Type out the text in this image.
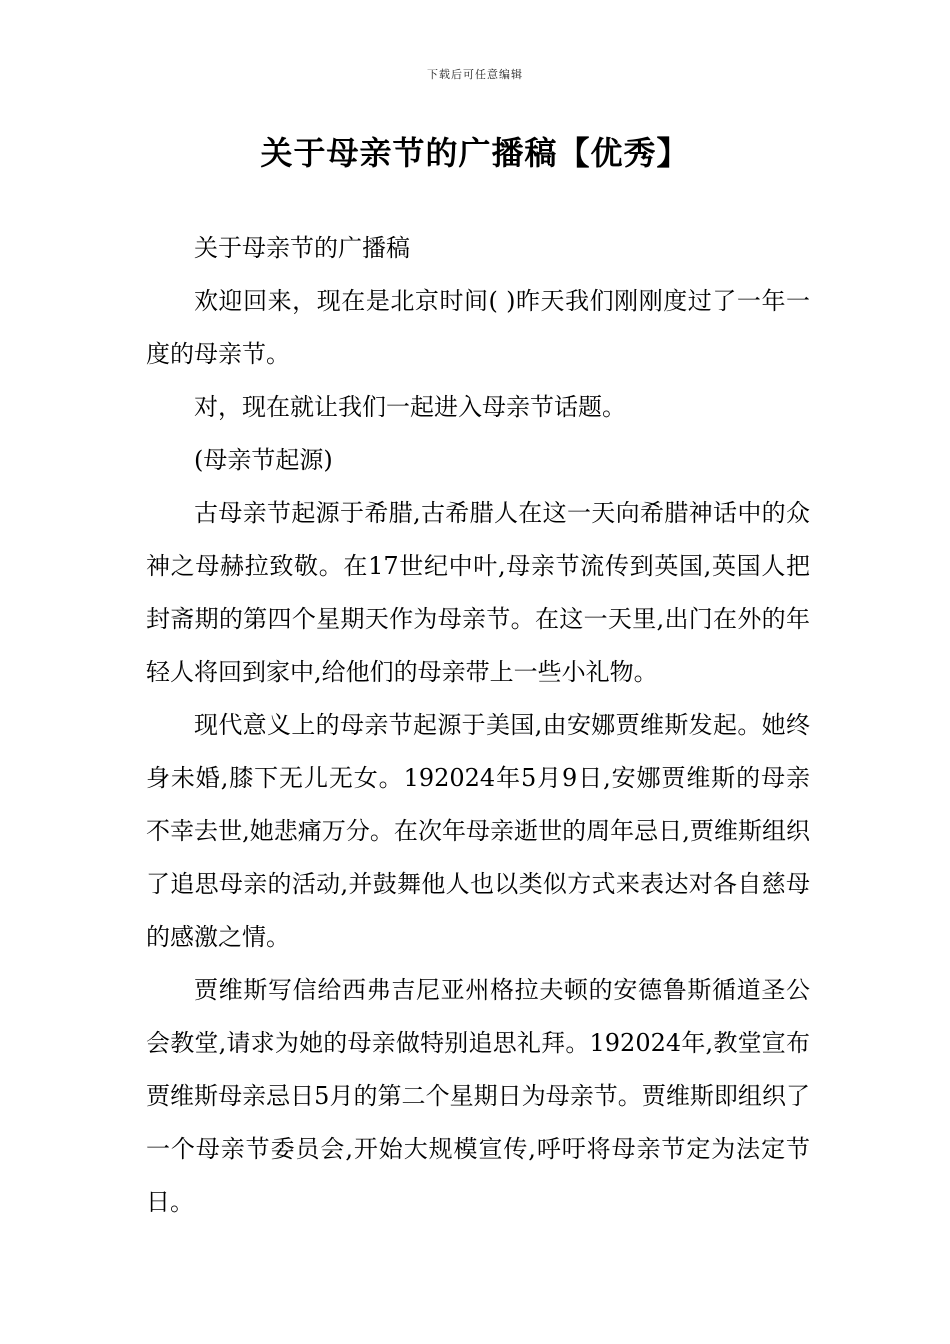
下载后可任意编辑
关于母亲节的广播稿【优秀】

关于母亲节的广播稿

欢迎回来，现在是北京时间( )昨天我们刚刚度过了一年一度的母亲节。

对，现在就让我们一起进入母亲节话题。

(母亲节起源)

古母亲节起源于希腊,古希腊人在这一天向希腊神话中的众神之母赫拉致敬。在17世纪中叶,母亲节流传到英国,英国人把封斋期的第四个星期天作为母亲节。在这一天里,出门在外的年轻人将回到家中,给他们的母亲带上一些小礼物。

现代意义上的母亲节起源于美国,由安娜贾维斯发起。她终身未婚,膝下无儿无女。192024年5月9日,安娜贾维斯的母亲不幸去世,她悲痛万分。在次年母亲逝世的周年忌日,贾维斯组织了追思母亲的活动,并鼓舞他人也以类似方式来表达对各自慈母的感激之情。

贾维斯写信给西弗吉尼亚州格拉夫顿的安德鲁斯循道圣公会教堂,请求为她的母亲做特别追思礼拜。192024年,教堂宣布贾维斯母亲忌日5月的第二个星期日为母亲节。贾维斯即组织了一个母亲节委员会,开始大规模宣传,呼吁将母亲节定为法定节日。
